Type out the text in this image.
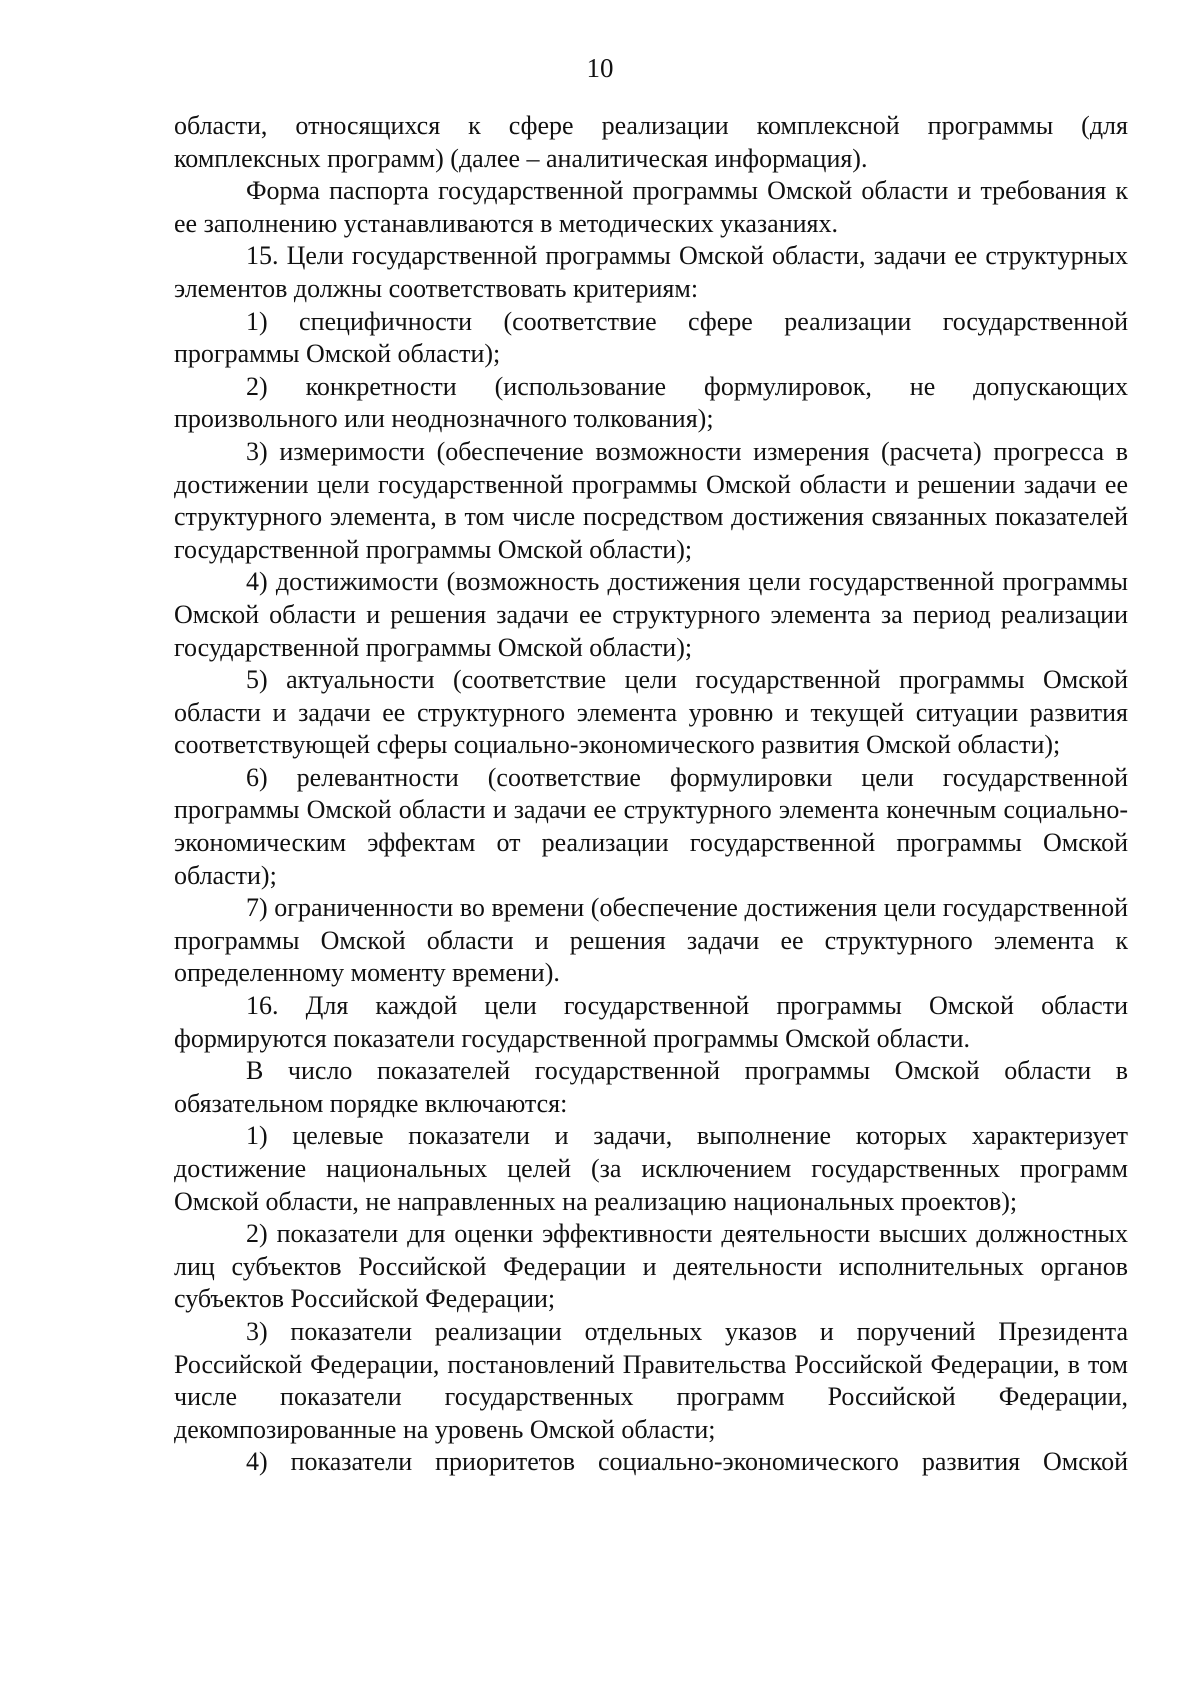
10

области, относящихся к сфере реализации комплексной программы (для комплексных программ) (далее – аналитическая информация).

Форма паспорта государственной программы Омской области и требования к ее заполнению устанавливаются в методических указаниях.

15. Цели государственной программы Омской области, задачи ее структурных элементов должны соответствовать критериям:

1) специфичности (соответствие сфере реализации государственной программы Омской области);

2) конкретности (использование формулировок, не допускающих произвольного или неоднозначного толкования);

3) измеримости (обеспечение возможности измерения (расчета) прогресса в достижении цели государственной программы Омской области и решении задачи ее структурного элемента, в том числе посредством достижения связанных показателей государственной программы Омской области);

4) достижимости (возможность достижения цели государственной программы Омской области и решения задачи ее структурного элемента за период реализации государственной программы Омской области);

5) актуальности (соответствие цели государственной программы Омской области и задачи ее структурного элемента уровню и текущей ситуации развития соответствующей сферы социально-экономического развития Омской области);

6) релевантности (соответствие формулировки цели государственной программы Омской области и задачи ее структурного элемента конечным социально-экономическим эффектам от реализации государственной программы Омской области);

7) ограниченности во времени (обеспечение достижения цели государственной программы Омской области и решения задачи ее структурного элемента к определенному моменту времени).

16. Для каждой цели государственной программы Омской области формируются показатели государственной программы Омской области.

В число показателей государственной программы Омской области в обязательном порядке включаются:

1) целевые показатели и задачи, выполнение которых характеризует достижение национальных целей (за исключением государственных программ Омской области, не направленных на реализацию национальных проектов);

2) показатели для оценки эффективности деятельности высших должностных лиц субъектов Российской Федерации и деятельности исполнительных органов субъектов Российской Федерации;

3) показатели реализации отдельных указов и поручений Президента Российской Федерации, постановлений Правительства Российской Федерации, в том числе показатели государственных программ Российской Федерации, декомпозированные на уровень Омской области;

4) показатели приоритетов социально-экономического развития Омской
